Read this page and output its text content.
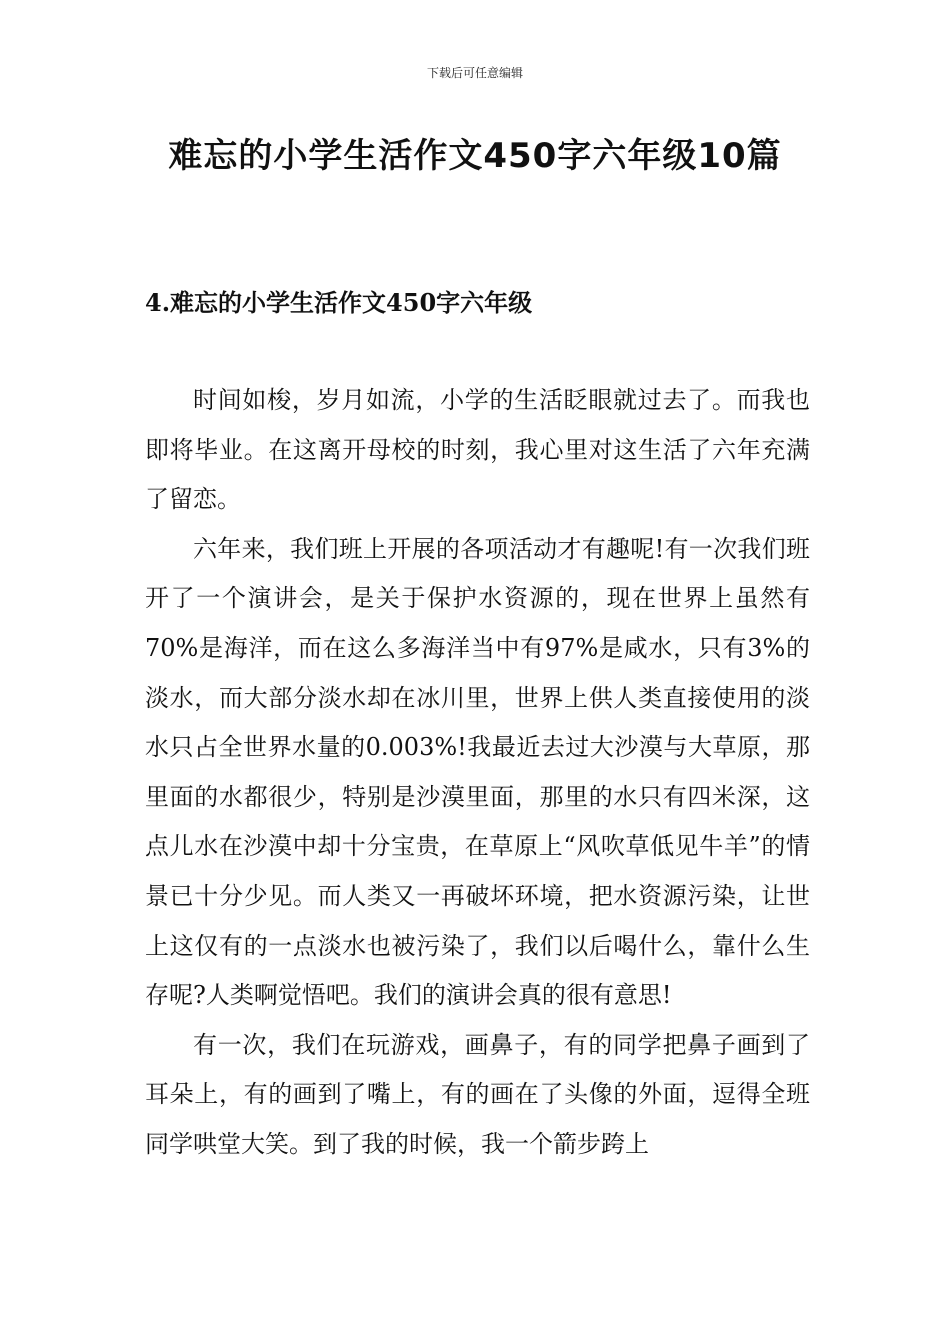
下载后可任意编辑
难忘的小学生活作文450字六年级10篇
4.难忘的小学生活作文450字六年级

时间如梭，岁月如流，小学的生活眨眼就过去了。而我也即将毕业。在这离开母校的时刻，我心里对这生活了六年充满了留恋。

六年来，我们班上开展的各项活动才有趣呢!有一次我们班开了一个演讲会，是关于保护水资源的，现在世界上虽然有70%是海洋，而在这么多海洋当中有97%是咸水，只有3%的淡水，而大部分淡水却在冰川里，世界上供人类直接使用的淡水只占全世界水量的0.003%!我最近去过大沙漠与大草原，那里面的水都很少，特别是沙漠里面，那里的水只有四米深，这点儿水在沙漠中却十分宝贵，在草原上“风吹草低见牛羊”的情景已十分少见。而人类又一再破坏环境，把水资源污染，让世上这仅有的一点淡水也被污染了，我们以后喝什么，靠什么生存呢?人类啊觉悟吧。我们的演讲会真的很有意思!

有一次，我们在玩游戏，画鼻子，有的同学把鼻子画到了耳朵上，有的画到了嘴上，有的画在了头像的外面，逗得全班同学哄堂大笑。到了我的时候，我一个箭步跨上
